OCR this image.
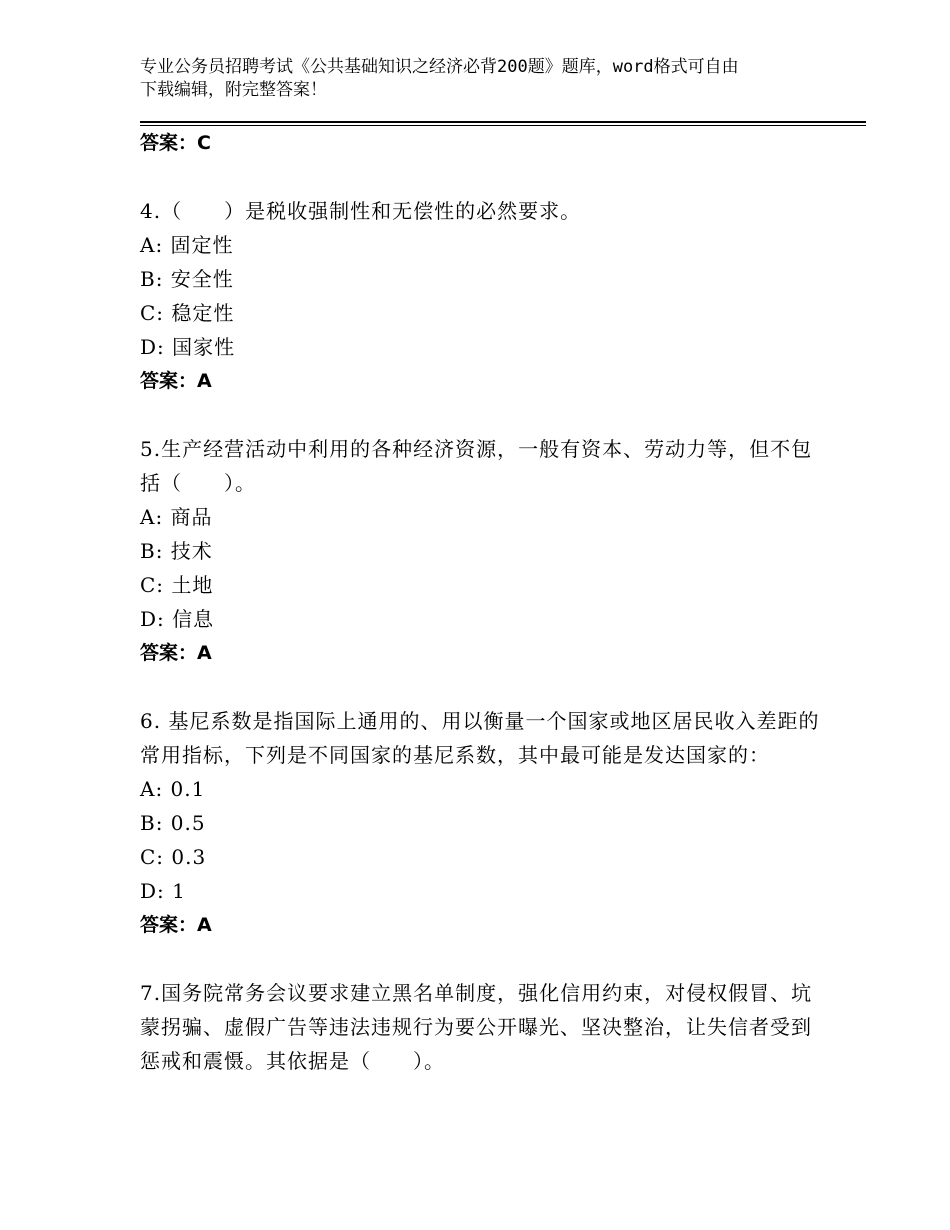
专业公务员招聘考试《公共基础知识之经济必背200题》题库，word格式可自由
下载编辑，附完整答案！
答案：C
4.（　　）是税收强制性和无偿性的必然要求。
A: 固定性
B: 安全性
C: 稳定性
D: 国家性
答案：A
5.生产经营活动中利用的各种经济资源，一般有资本、劳动力等，但不包括（　　）。
A: 商品
B: 技术
C: 土地
D: 信息
答案：A
6. 基尼系数是指国际上通用的、用以衡量一个国家或地区居民收入差距的常用指标，下列是不同国家的基尼系数，其中最可能是发达国家的：
A: 0.1
B: 0.5
C: 0.3
D: 1
答案：A
7.国务院常务会议要求建立黑名单制度，强化信用约束，对侵权假冒、坑蒙拐骗、虚假广告等违法违规行为要公开曝光、坚决整治，让失信者受到惩戒和震慑。其依据是（　　）。
